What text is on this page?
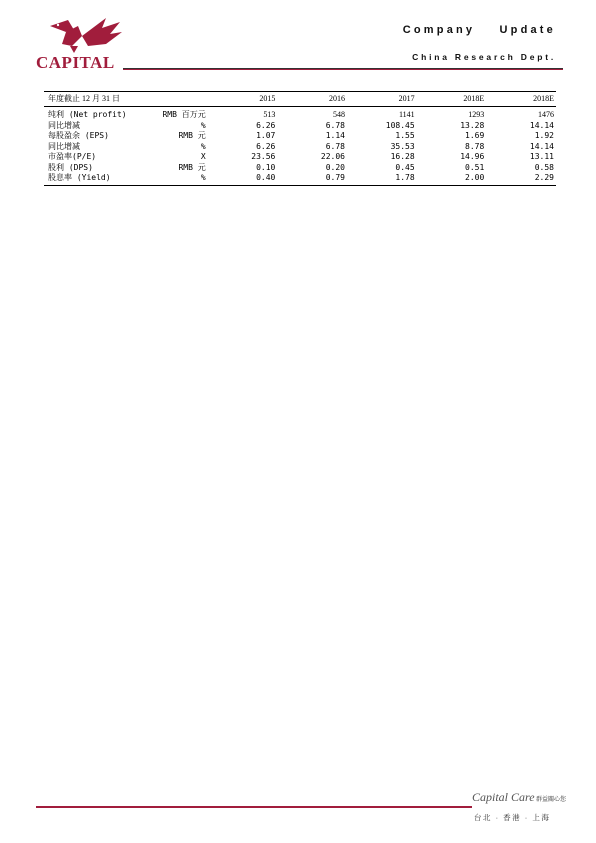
CAPITAL
Company Update
China Research Dept.
年度截止 12 月 31 日		2015	2016	2017	2018E	2018E
纯利 (Net profit)	RMB 百万元	513	548	1141	1293	1476
同比增减	%	6.26	6.78	108.45	13.28	14.14
每股盈余 (EPS)	RMB 元	1.07	1.14	1.55	1.69	1.92
同比增减	%	6.26	6.78	35.53	8.78	14.14
市盈率(P/E)	X	23.56	22.06	16.28	14.96	13.11
股利 (DPS)	RMB 元	0.10	0.20	0.45	0.51	0.58
股息率 (Yield)	%	0.40	0.79	1.78	2.00	2.29
Capital Care 群益關心您
台北 · 香港 · 上海
